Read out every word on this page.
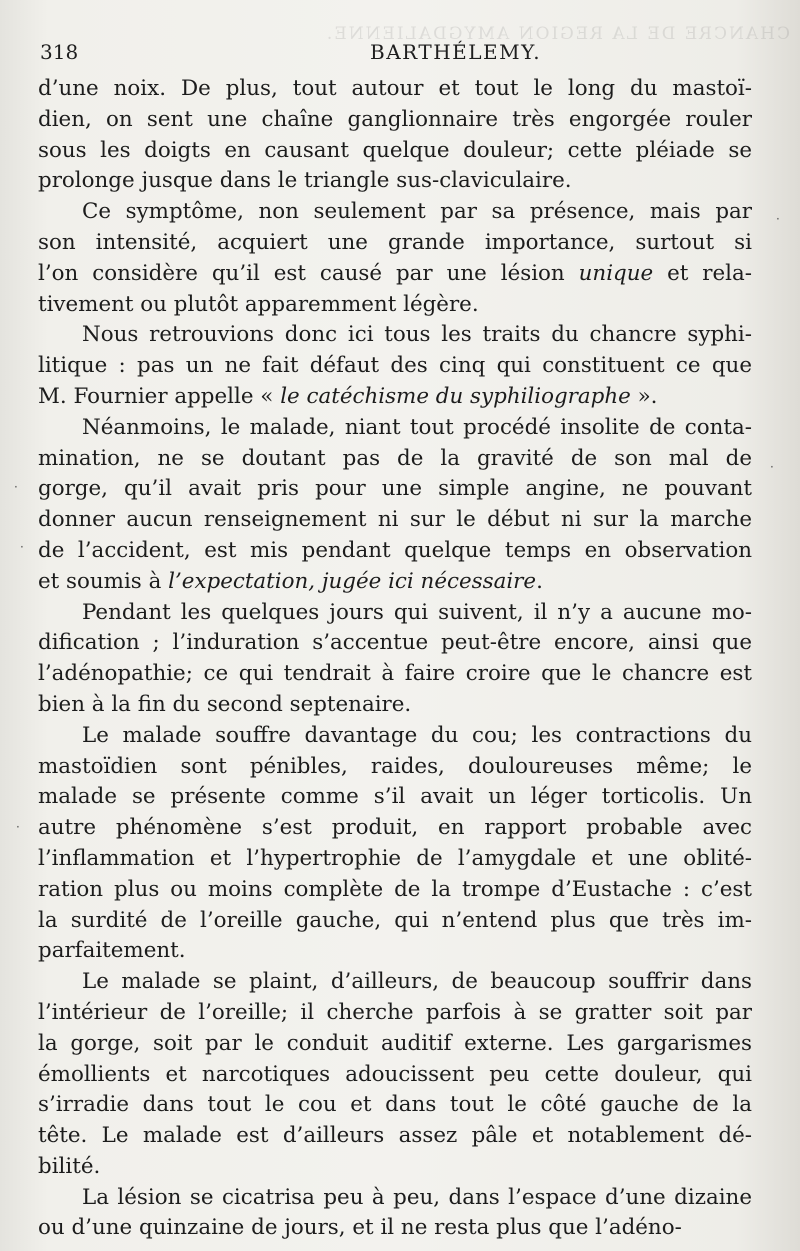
CHANCRE DE LA REGION AMYGDALIENNE.
318	BARTHÉLEMY.

d’une noix. De plus, tout autour et tout le long du mastoï-
dien, on sent une chaîne ganglionnaire très engorgée rouler
sous les doigts en causant quelque douleur; cette pléiade se
prolonge jusque dans le triangle sus-claviculaire.

Ce symptôme, non seulement par sa présence, mais par
son intensité, acquiert une grande importance, surtout si
l’on considère qu’il est causé par une lésion unique et rela-
tivement ou plutôt apparemment légère.

Nous retrouvions donc ici tous les traits du chancre syphi-
litique : pas un ne fait défaut des cinq qui constituent ce que
M. Fournier appelle « le catéchisme du syphiliographe ».

Néanmoins, le malade, niant tout procédé insolite de conta-
mination, ne se doutant pas de la gravité de son mal de
gorge, qu’il avait pris pour une simple angine, ne pouvant
donner aucun renseignement ni sur le début ni sur la marche
de l’accident, est mis pendant quelque temps en observation
et soumis à l’expectation, jugée ici nécessaire.

Pendant les quelques jours qui suivent, il n’y a aucune mo-
dification ; l’induration s’accentue peut-être encore, ainsi que
l’adénopathie; ce qui tendrait à faire croire que le chancre est
bien à la fin du second septenaire.

Le malade souffre davantage du cou; les contractions du
mastoïdien sont pénibles, raides, douloureuses même; le
malade se présente comme s’il avait un léger torticolis. Un
autre phénomène s’est produit, en rapport probable avec
l’inflammation et l’hypertrophie de l’amygdale et une oblité-
ration plus ou moins complète de la trompe d’Eustache : c’est
la surdité de l’oreille gauche, qui n’entend plus que très im-
parfaitement.

Le malade se plaint, d’ailleurs, de beaucoup souffrir dans
l’intérieur de l’oreille; il cherche parfois à se gratter soit par
la gorge, soit par le conduit auditif externe. Les gargarismes
émollients et narcotiques adoucissent peu cette douleur, qui
s’irradie dans tout le cou et dans tout le côté gauche de la
tête. Le malade est d’ailleurs assez pâle et notablement dé-
bilité.

La lésion se cicatrisa peu à peu, dans l’espace d’une dizaine
ou d’une quinzaine de jours, et il ne resta plus que l’adéno-

·
·
·
·
·
